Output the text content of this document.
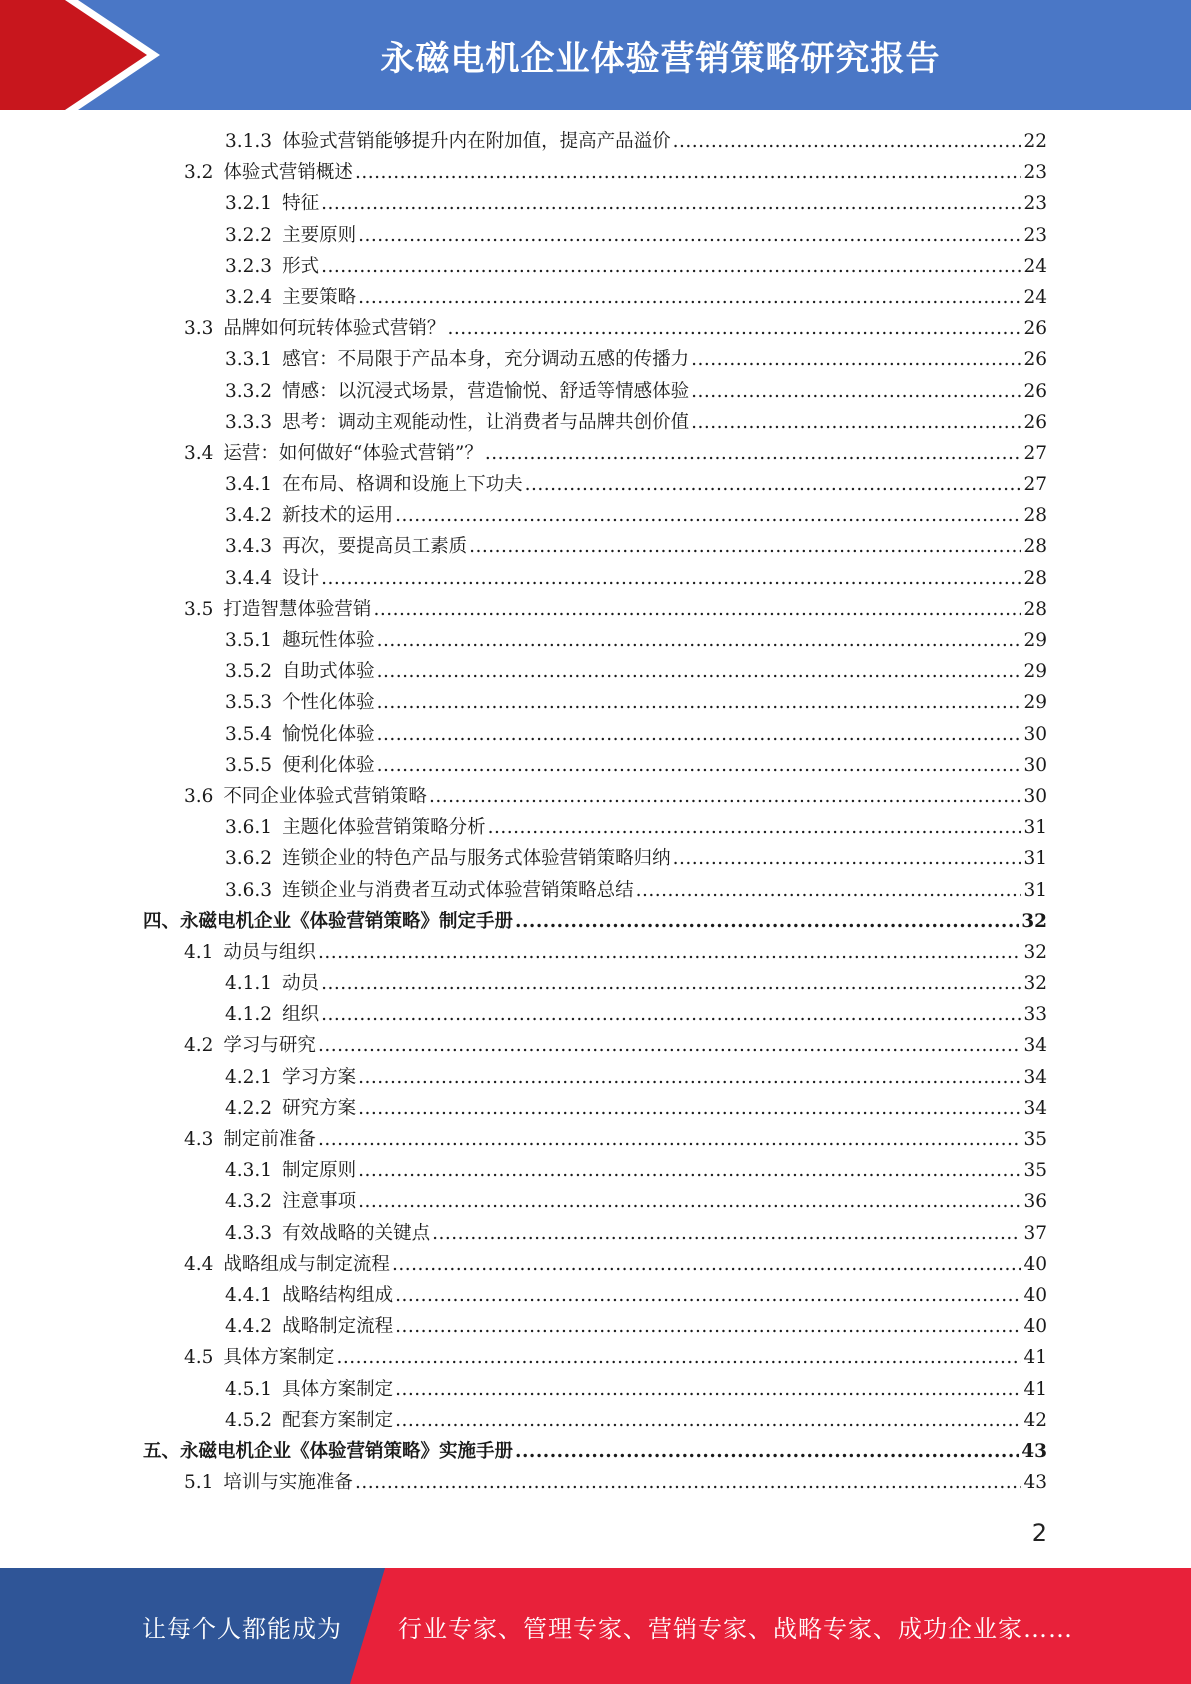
永磁电机企业体验营销策略研究报告
3.1.3 体验式营销能够提升内在附加值，提高产品溢价 .....	22
3.2 体验式营销概述 .....	23
3.2.1 特征 .....	23
3.2.2 主要原则 .....	23
3.2.3 形式 .....	24
3.2.4 主要策略 .....	24
3.3 品牌如何玩转体验式营销？ .....	26
3.3.1 感官：不局限于产品本身，充分调动五感的传播力 .....	26
3.3.2 情感：以沉浸式场景，营造愉悦、舒适等情感体验 .....	26
3.3.3 思考：调动主观能动性，让消费者与品牌共创价值 .....	26
3.4 运营：如何做好“体验式营销”？ .....	27
3.4.1 在布局、格调和设施上下功夫 .....	27
3.4.2 新技术的运用 .....	28
3.4.3 再次，要提高员工素质 .....	28
3.4.4 设计 .....	28
3.5 打造智慧体验营销 .....	28
3.5.1 趣玩性体验 .....	29
3.5.2 自助式体验 .....	29
3.5.3 个性化体验 .....	29
3.5.4 愉悦化体验 .....	30
3.5.5 便利化体验 .....	30
3.6 不同企业体验式营销策略 .....	30
3.6.1 主题化体验营销策略分析 .....	31
3.6.2 连锁企业的特色产品与服务式体验营销策略归纳 .....	31
3.6.3 连锁企业与消费者互动式体验营销策略总结 .....	31
四、 永磁电机企业《体验营销策略》制定手册 .....	32
4.1 动员与组织 .....	32
4.1.1 动员 .....	32
4.1.2 组织 .....	33
4.2 学习与研究 .....	34
4.2.1 学习方案 .....	34
4.2.2 研究方案 .....	34
4.3 制定前准备 .....	35
4.3.1 制定原则 .....	35
4.3.2 注意事项 .....	36
4.3.3 有效战略的关键点 .....	37
4.4 战略组成与制定流程 .....	40
4.4.1 战略结构组成 .....	40
4.4.2 战略制定流程 .....	40
4.5 具体方案制定 .....	41
4.5.1 具体方案制定 .....	41
4.5.2 配套方案制定 .....	42
五、 永磁电机企业《体验营销策略》实施手册 .....	43
5.1 培训与实施准备 .....	43
2
让每个人都能成为 行业专家、管理专家、营销专家、战略专家、成功企业家……
